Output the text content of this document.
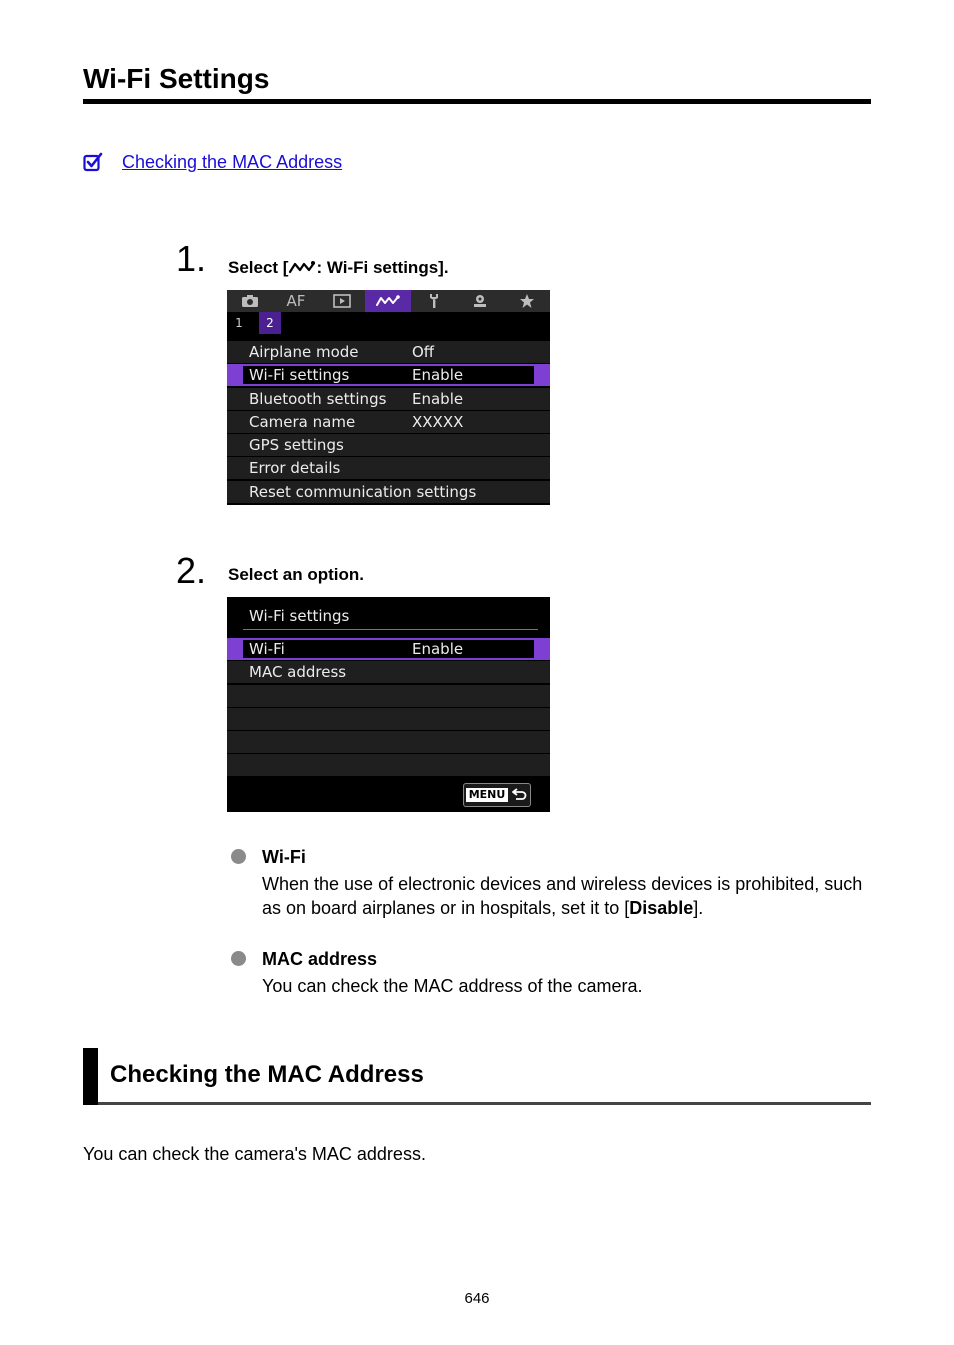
Wi-Fi Settings
Checking the MAC Address
1. Select [ : Wi-Fi settings].
AF
1	2
Airplane mode	Off
Wi-Fi settings	Enable
Bluetooth settings Enable
Camera name	XXXXX
GPS settings
Error details
Reset communication settings
2. Select an option.
Wi-Fi settings
Wi-Fi	Enable
MAC address
MENU
Wi-Fi
When the use of electronic devices and wireless devices is prohibited, such as on board airplanes or in hospitals, set it to [Disable].
MAC address
You can check the MAC address of the camera.
Checking the MAC Address
You can check the camera's MAC address.
646
